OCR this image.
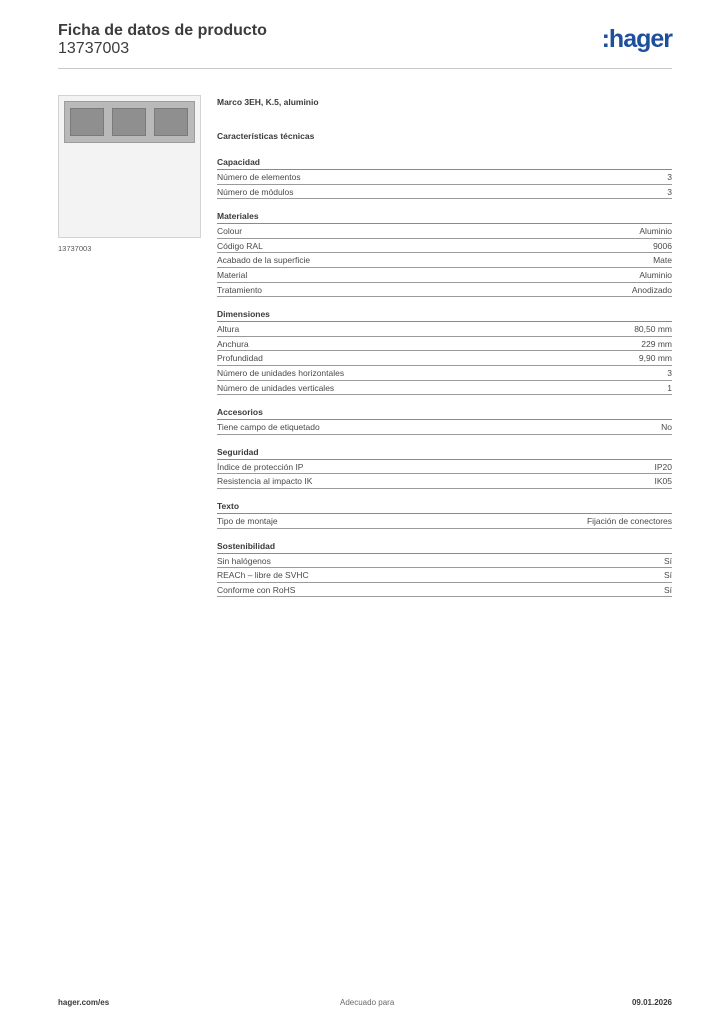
Ficha de datos de producto
13737003	:hager
13737003
Marco 3EH, K.5, aluminio
Características técnicas
Capacidad
Número de elementos	3
Número de módulos	3
Materiales
Colour	Aluminio
Código RAL	9006
Acabado de la superficie	Mate
Material	Aluminio
Tratamiento	Anodizado
Dimensiones
Altura	80,50 mm
Anchura	229 mm
Profundidad	9,90 mm
Número de unidades horizontales	3
Número de unidades verticales	1
Accesorios
Tiene campo de etiquetado	No
Seguridad
Índice de protección IP	IP20
Resistencia al impacto IK	IK05
Texto
Tipo de montaje	Fijación de conectores
Sostenibilidad
Sin halógenos	Sí
REACh – libre de SVHC	Sí
Conforme con RoHS	Sí
hager.com/es	Adecuado para	09.01.2026
